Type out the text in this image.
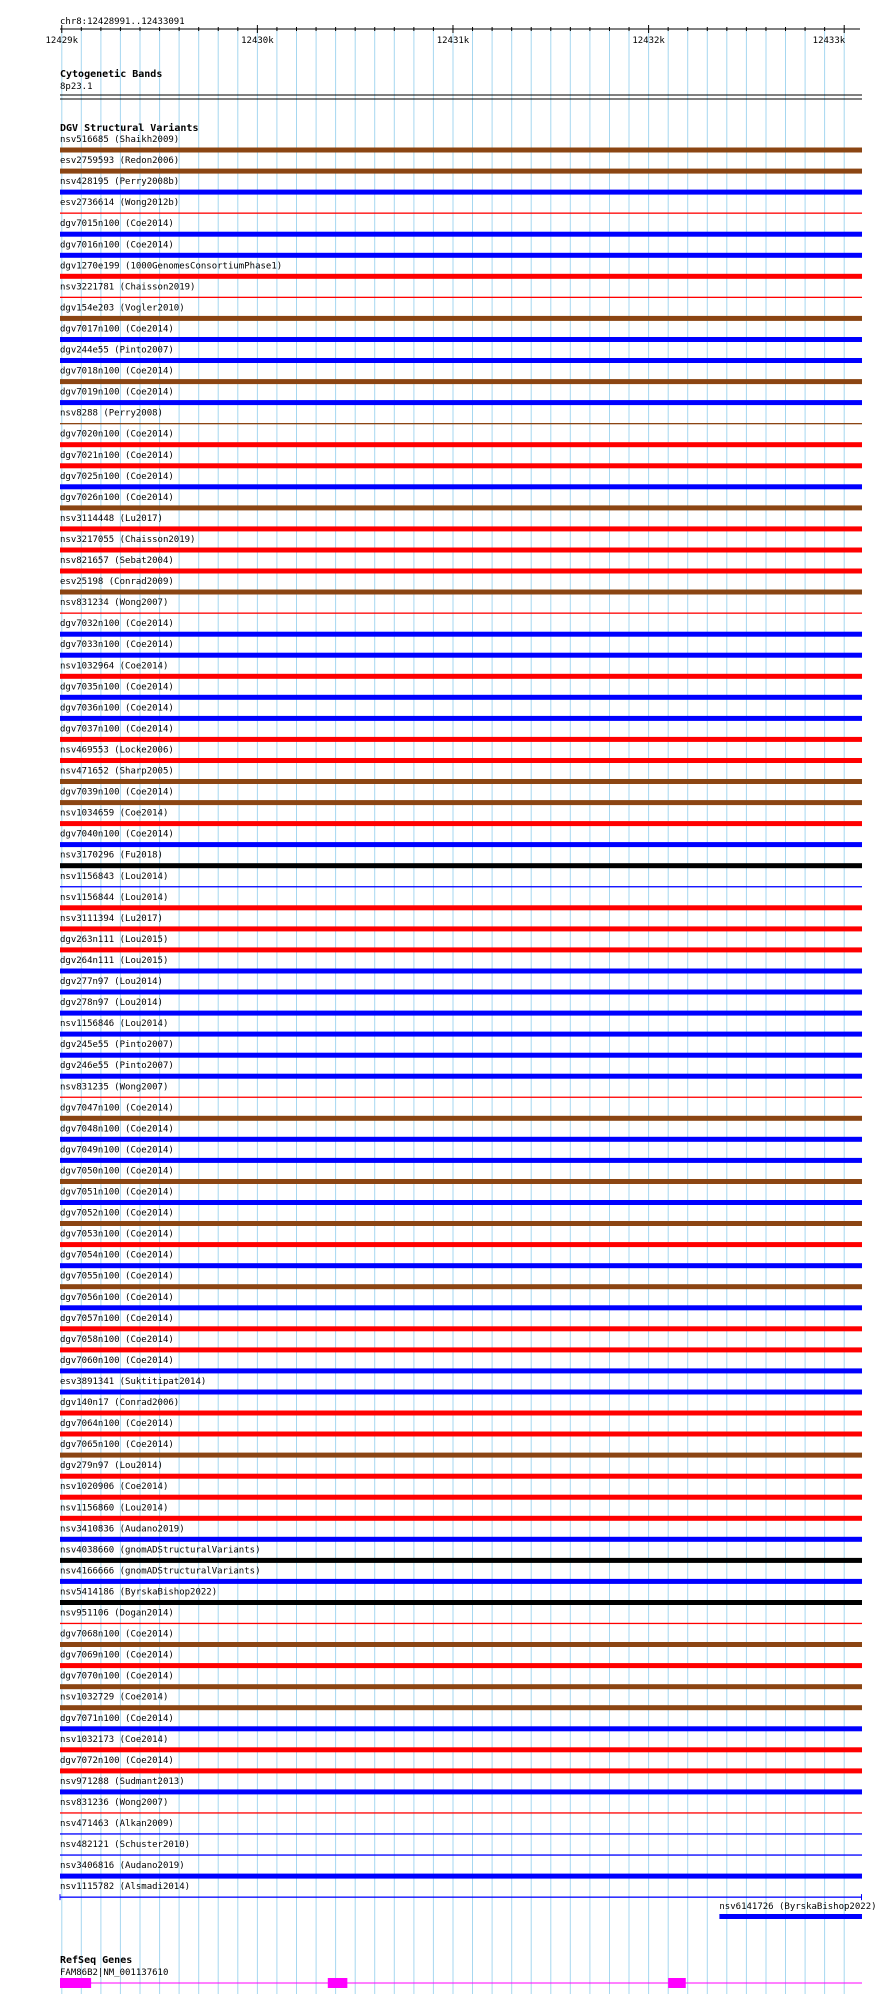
chr8:12428991..12433091
12429k	12430k	12431k	12432k	12433k
Cytogenetic Bands
8p23.1
DGV Structural Variants
nsv516685 (Shaikh2009)
esv2759593 (Redon2006)
nsv428195 (Perry2008b)
esv2736614 (Wong2012b)
dgv7015n100 (Coe2014)
dgv7016n100 (Coe2014)
dgv1270e199 (1000GenomesConsortiumPhase1)
nsv3221781 (Chaisson2019)
dgv154e203 (Vogler2010)
dgv7017n100 (Coe2014)
dgv244e55 (Pinto2007)
dgv7018n100 (Coe2014)
dgv7019n100 (Coe2014)
nsv8288 (Perry2008)
dgv7020n100 (Coe2014)
dgv7021n100 (Coe2014)
dgv7025n100 (Coe2014)
dgv7026n100 (Coe2014)
nsv3114448 (Lu2017)
nsv3217055 (Chaisson2019)
nsv821657 (Sebat2004)
esv25198 (Conrad2009)
nsv831234 (Wong2007)
dgv7032n100 (Coe2014)
dgv7033n100 (Coe2014)
nsv1032964 (Coe2014)
dgv7035n100 (Coe2014)
dgv7036n100 (Coe2014)
dgv7037n100 (Coe2014)
nsv469553 (Locke2006)
nsv471652 (Sharp2005)
dgv7039n100 (Coe2014)
nsv1034659 (Coe2014)
dgv7040n100 (Coe2014)
nsv3170296 (Fu2018)
nsv1156843 (Lou2014)
nsv1156844 (Lou2014)
nsv3111394 (Lu2017)
dgv263n111 (Lou2015)
dgv264n111 (Lou2015)
dgv277n97 (Lou2014)
dgv278n97 (Lou2014)
nsv1156846 (Lou2014)
dgv245e55 (Pinto2007)
dgv246e55 (Pinto2007)
nsv831235 (Wong2007)
dgv7047n100 (Coe2014)
dgv7048n100 (Coe2014)
dgv7049n100 (Coe2014)
dgv7050n100 (Coe2014)
dgv7051n100 (Coe2014)
dgv7052n100 (Coe2014)
dgv7053n100 (Coe2014)
dgv7054n100 (Coe2014)
dgv7055n100 (Coe2014)
dgv7056n100 (Coe2014)
dgv7057n100 (Coe2014)
dgv7058n100 (Coe2014)
dgv7060n100 (Coe2014)
esv3891341 (Suktitipat2014)
dgv140n17 (Conrad2006)
dgv7064n100 (Coe2014)
dgv7065n100 (Coe2014)
dgv279n97 (Lou2014)
nsv1020906 (Coe2014)
nsv1156860 (Lou2014)
nsv3410836 (Audano2019)
nsv4038660 (gnomADStructuralVariants)
nsv4166666 (gnomADStructuralVariants)
nsv5414186 (ByrskaBishop2022)
nsv951106 (Dogan2014)
dgv7068n100 (Coe2014)
dgv7069n100 (Coe2014)
dgv7070n100 (Coe2014)
nsv1032729 (Coe2014)
dgv7071n100 (Coe2014)
nsv1032173 (Coe2014)
dgv7072n100 (Coe2014)
nsv971288 (Sudmant2013)
nsv831236 (Wong2007)
nsv471463 (Alkan2009)
nsv482121 (Schuster2010)
nsv3406816 (Audano2019)
nsv1115782 (Alsmadi2014)
nsv6141726 (ByrskaBishop2022)
RefSeq Genes
FAM86B2|NM_001137610
